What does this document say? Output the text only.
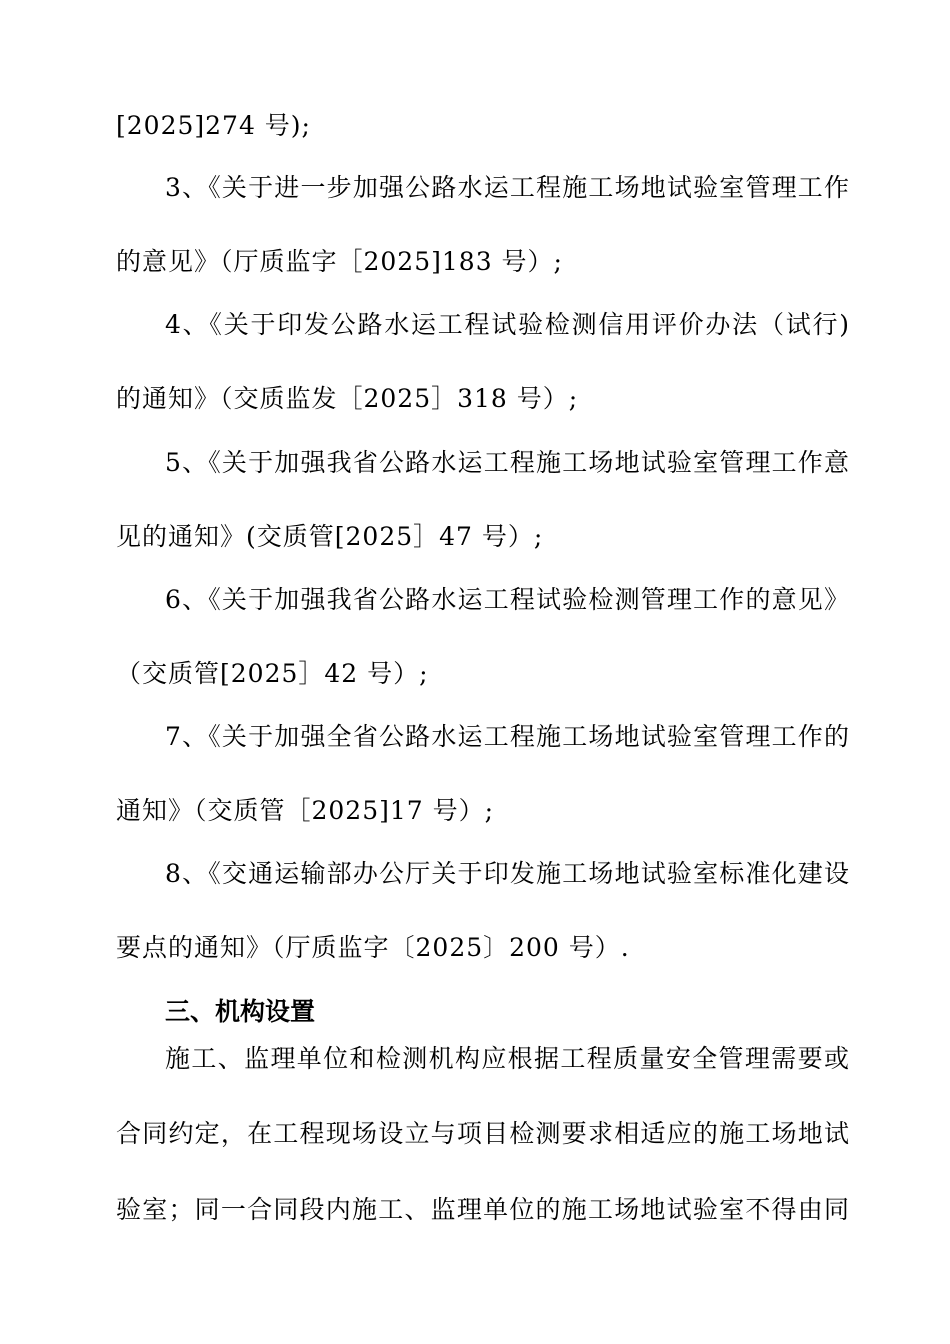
[2025]274 号);
3、《关于进一步加强公路水运工程施工场地试验室管理工作
的意见》（厅质监字［2025]183 号）;
4、《关于印发公路水运工程试验检测信用评价办法（试行)
的通知》（交质监发［2025］318 号）;
5、《关于加强我省公路水运工程施工场地试验室管理工作意
见的通知》(交质管[2025］47 号）;
6、《关于加强我省公路水运工程试验检测管理工作的意见》
（交质管[2025］42 号）;
7、《关于加强全省公路水运工程施工场地试验室管理工作的
通知》（交质管［2025]17 号）;
8、《交通运输部办公厅关于印发施工场地试验室标准化建设
要点的通知》（厅质监字〔2025〕200 号）.
三、机构设置
施工、监理单位和检测机构应根据工程质量安全管理需要或
合同约定，在工程现场设立与项目检测要求相适应的施工场地试
验室；同一合同段内施工、监理单位的施工场地试验室不得由同
